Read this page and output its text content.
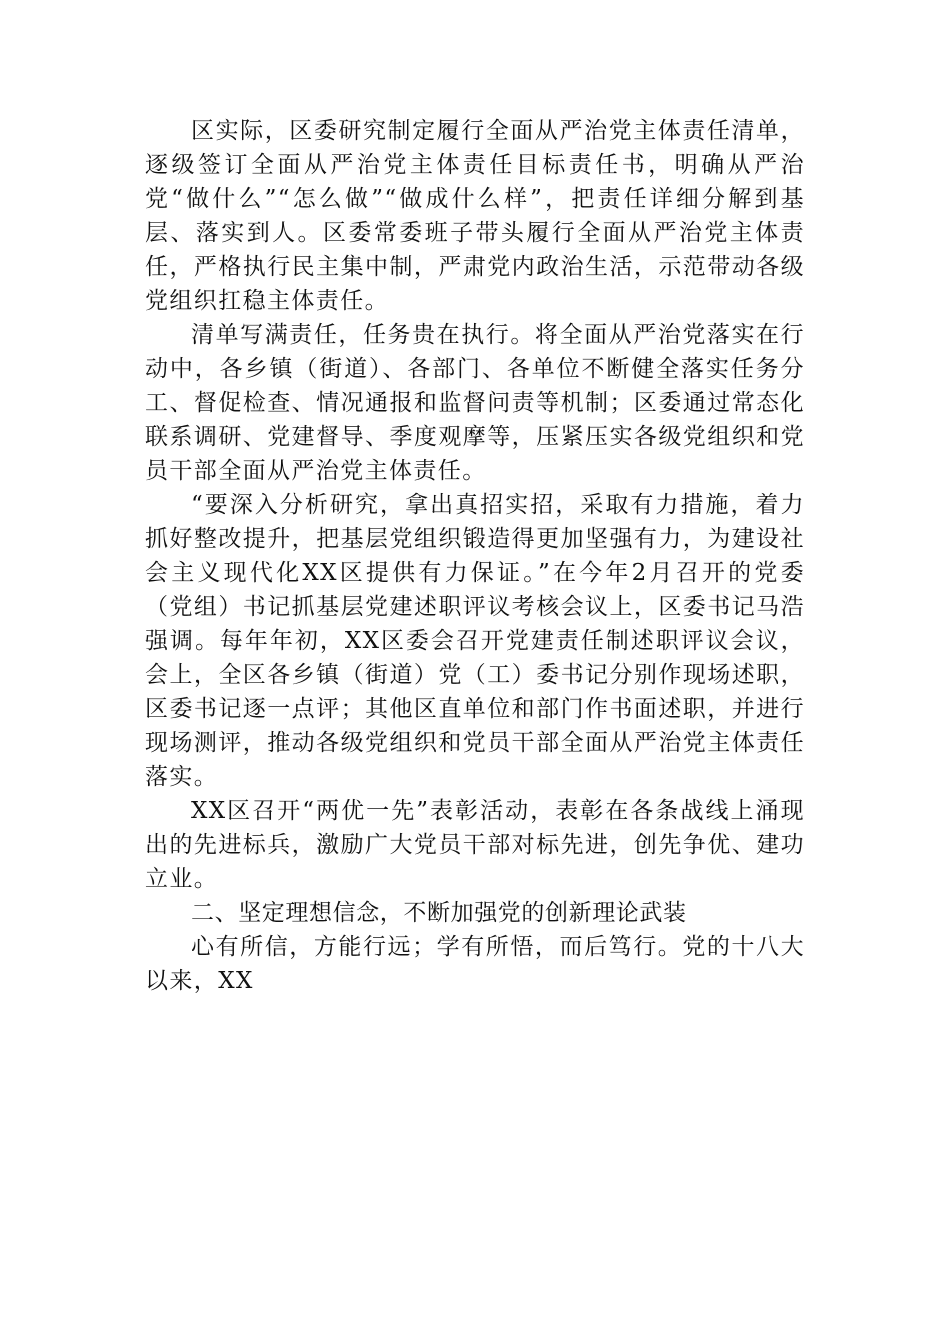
区实际，区委研究制定履行全面从严治党主体责任清单，逐级签订全面从严治党主体责任目标责任书，明确从严治党“做什么”“怎么做”“做成什么样”，把责任详细分解到基层、落实到人。区委常委班子带头履行全面从严治党主体责任，严格执行民主集中制，严肃党内政治生活，示范带动各级党组织扛稳主体责任。

清单写满责任，任务贵在执行。将全面从严治党落实在行动中，各乡镇（街道）、各部门、各单位不断健全落实任务分工、督促检查、情况通报和监督问责等机制；区委通过常态化联系调研、党建督导、季度观摩等，压紧压实各级党组织和党员干部全面从严治党主体责任。

“要深入分析研究，拿出真招实招，采取有力措施，着力抓好整改提升，把基层党组织锻造得更加坚强有力，为建设社会主义现代化XX区提供有力保证。”在今年2月召开的党委（党组）书记抓基层党建述职评议考核会议上，区委书记马浩强调。每年年初，XX区委会召开党建责任制述职评议会议，会上，全区各乡镇（街道）党（工）委书记分别作现场述职，区委书记逐一点评；其他区直单位和部门作书面述职，并进行现场测评，推动各级党组织和党员干部全面从严治党主体责任落实。

XX区召开“两优一先”表彰活动，表彰在各条战线上涌现出的先进标兵，激励广大党员干部对标先进，创先争优、建功立业。

二、坚定理想信念，不断加强党的创新理论武装

心有所信，方能行远；学有所悟，而后笃行。党的十八大以来，XX
